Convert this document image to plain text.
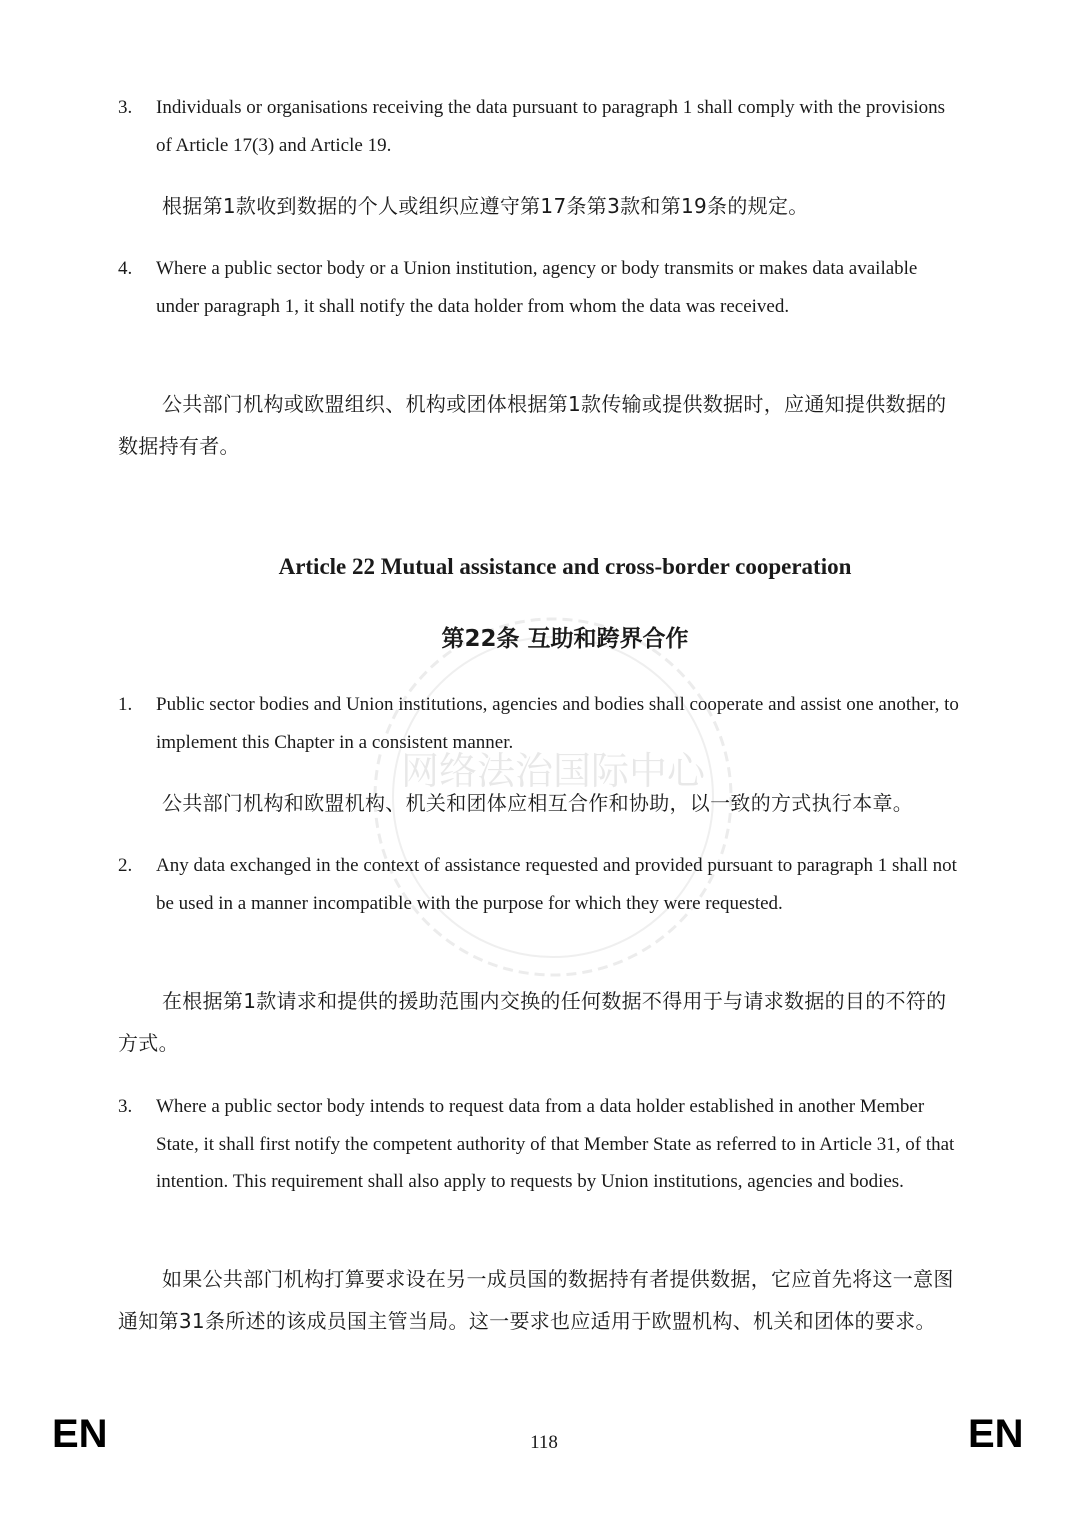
网络法治国际中心
3.	Individuals or organisations receiving the data pursuant to paragraph 1 shall comply with the provisions of Article 17(3) and Article 19.
根据第1款收到数据的个人或组织应遵守第17条第3款和第19条的规定。
4.	Where a public sector body or a Union institution, agency or body transmits or makes data available under paragraph 1, it shall notify the data holder from whom the data was received.
公共部门机构或欧盟组织、机构或团体根据第1款传输或提供数据时，应通知提供数据的数据持有者。
Article 22 Mutual assistance and cross-border cooperation
第22条 互助和跨界合作
1.	Public sector bodies and Union institutions, agencies and bodies shall cooperate and assist one another, to implement this Chapter in a consistent manner.
公共部门机构和欧盟机构、机关和团体应相互合作和协助，以一致的方式执行本章。
2.	Any data exchanged in the context of assistance requested and provided pursuant to paragraph 1 shall not be used in a manner incompatible with the purpose for which they were requested.
在根据第1款请求和提供的援助范围内交换的任何数据不得用于与请求数据的目的不符的方式。
3.	Where a public sector body intends to request data from a data holder established in another Member State, it shall first notify the competent authority of that Member State as referred to in Article 31, of that intention. This requirement shall also apply to requests by Union institutions, agencies and bodies.
如果公共部门机构打算要求设在另一成员国的数据持有者提供数据，它应首先将这一意图通知第31条所述的该成员国主管当局。这一要求也应适用于欧盟机构、机关和团体的要求。
EN	118	EN
